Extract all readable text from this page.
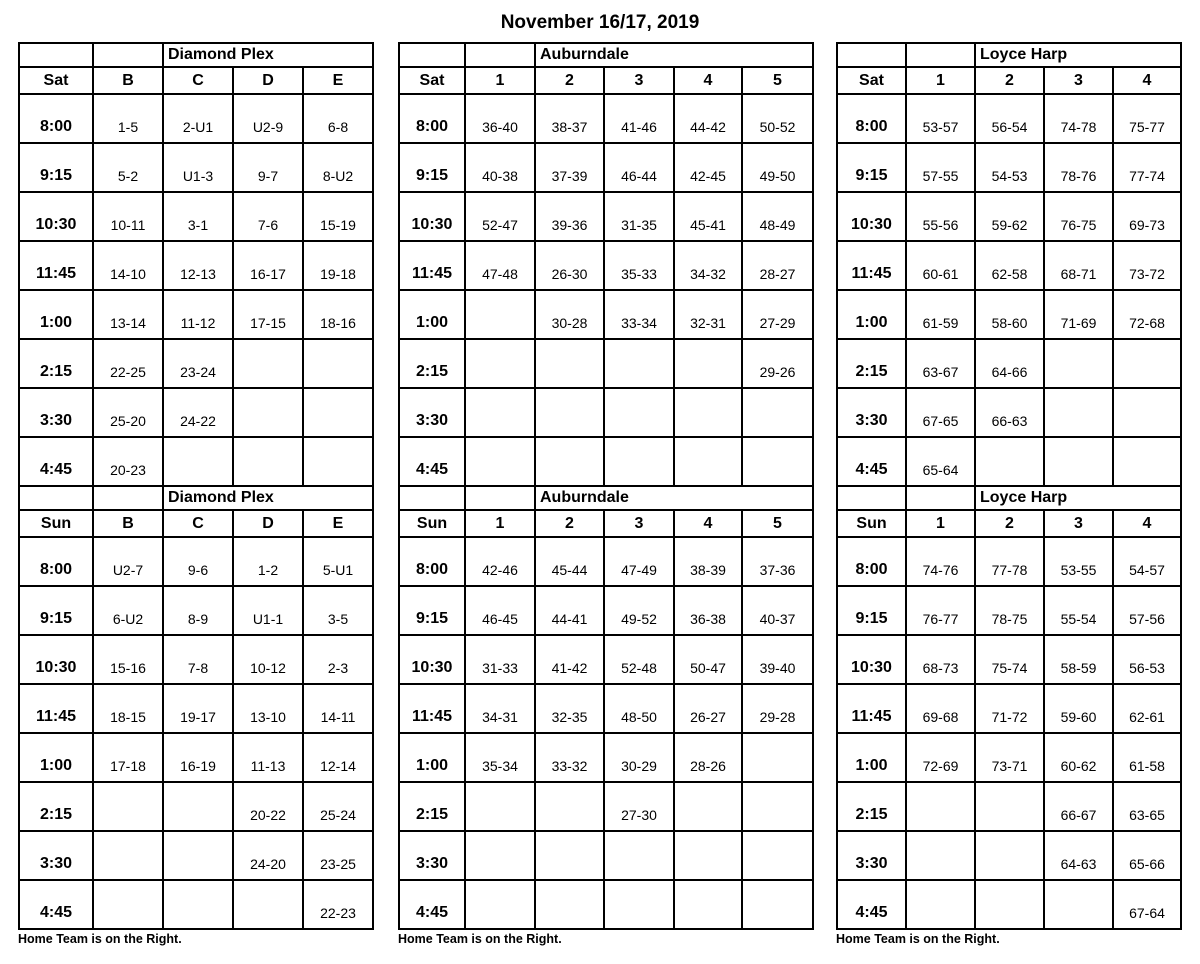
November 16/17, 2019
		Diamond Plex		
Sat	B	C	D	E
8:00	1-5	2-U1	U2-9	6-8
9:15	5-2	U1-3	9-7	8-U2
10:30	10-11	3-1	7-6	15-19
11:45	14-10	12-13	16-17	19-18
1:00	13-14	11-12	17-15	18-16
2:15	22-25	23-24		
3:30	25-20	24-22		
4:45	20-23			
		Diamond Plex		
Sun	B	C	D	E
8:00	U2-7	9-6	1-2	5-U1
9:15	6-U2	8-9	U1-1	3-5
10:30	15-16	7-8	10-12	2-3
11:45	18-15	19-17	13-10	14-11
1:00	17-18	16-19	11-13	12-14
2:15			20-22	25-24
3:30			24-20	23-25
4:45				22-23
Home Team is on the Right.
		Auburndale			
Sat	1	2	3	4	5
8:00	36-40	38-37	41-46	44-42	50-52
9:15	40-38	37-39	46-44	42-45	49-50
10:30	52-47	39-36	31-35	45-41	48-49
11:45	47-48	26-30	35-33	34-32	28-27
1:00		30-28	33-34	32-31	27-29
2:15					29-26
3:30					
4:45					
		Auburndale			
Sun	1	2	3	4	5
8:00	42-46	45-44	47-49	38-39	37-36
9:15	46-45	44-41	49-52	36-38	40-37
10:30	31-33	41-42	52-48	50-47	39-40
11:45	34-31	32-35	48-50	26-27	29-28
1:00	35-34	33-32	30-29	28-26	
2:15			27-30		
3:30					
4:45					
Home Team is on the Right.
		Loyce Harp		
Sat	1	2	3	4
8:00	53-57	56-54	74-78	75-77
9:15	57-55	54-53	78-76	77-74
10:30	55-56	59-62	76-75	69-73
11:45	60-61	62-58	68-71	73-72
1:00	61-59	58-60	71-69	72-68
2:15	63-67	64-66		
3:30	67-65	66-63		
4:45	65-64			
		Loyce Harp		
Sun	1	2	3	4
8:00	74-76	77-78	53-55	54-57
9:15	76-77	78-75	55-54	57-56
10:30	68-73	75-74	58-59	56-53
11:45	69-68	71-72	59-60	62-61
1:00	72-69	73-71	60-62	61-58
2:15			66-67	63-65
3:30			64-63	65-66
4:45				67-64
Home Team is on the Right.
